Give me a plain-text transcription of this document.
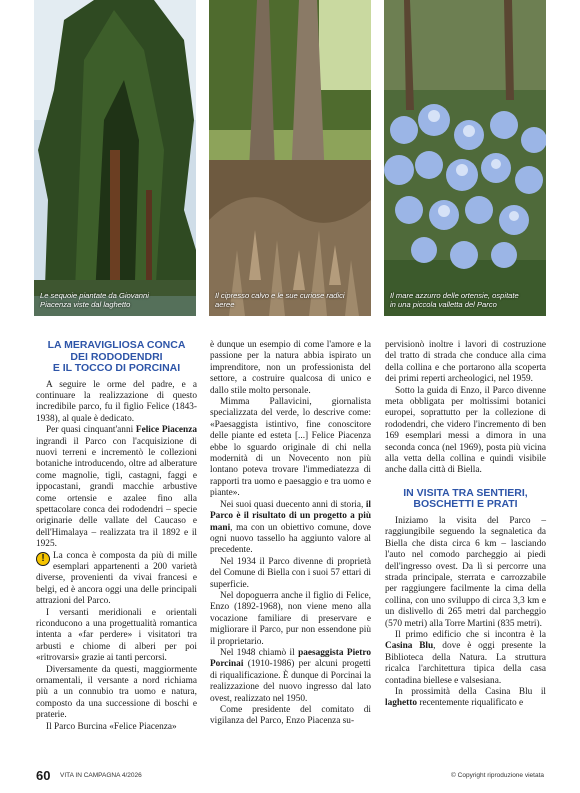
Le sequoie piantate da Giovanni Piacenza viste dal laghetto
Il cipresso calvo e le sue curiose radici aeree
Il mare azzurro delle ortensie, ospitate in una piccola valletta del Parco
LA MERAVIGLIOSA CONCA
DEI RODODENDRI
E IL TOCCO DI PORCINAI

A seguire le orme del padre, e a continuare la realizzazione di questo incredibile parco, fu il figlio Felice (1843-1938), al quale è dedicato.

Per quasi cinquant'anni Felice Piacenza ingrandì il Parco con l'acquisizione di nuovi terreni e incrementò le collezioni botaniche introducendo, oltre ad alberature come magnolie, tigli, castagni, faggi e ippocastani, grandi macchie arbustive come ortensie e azalee fino alla spettacolare conca dei rododendri – specie originarie delle vallate del Caucaso e dell'Himalaya – realizzata tra il 1892 e il 1925.

! La conca è composta da più di mille esemplari appartenenti a 200 varietà diverse, provenienti da vivai francesi e belgi, ed è ancora oggi una delle principali attrazioni del Parco.

I versanti meridionali e orientali riconducono a una progettualità romantica intenta a «far perdere» i visitatori tra arbusti e chiome di alberi per poi «ritrovarsi» grazie ai tanti percorsi.

Diversamente da questi, maggiormente ornamentali, il versante a nord richiama più a un connubio tra uomo e natura, composto da una successione di boschi e praterie.

Il Parco Burcina «Felice Piacenza»

è dunque un esempio di come l'amore e la passione per la natura abbia ispirato un imprenditore, non un professionista del settore, a costruire qualcosa di unico e dallo stile molto personale.

Mimma Pallavicini, giornalista specializzata del verde, lo descrive come: «Paesaggista istintivo, fine conoscitore delle piante ed esteta [...] Felice Piacenza ebbe lo sguardo originale di chi nella modernità di un Novecento non più lontano poteva trovare l'immediatezza di rapporti tra uomo e paesaggio e tra uomo e piante».

Nei suoi quasi duecento anni di storia, il Parco è il risultato di un progetto a più mani, ma con un obiettivo comune, dove ogni nuovo tassello ha aggiunto valore al precedente.

Nel 1934 il Parco divenne di proprietà del Comune di Biella con i suoi 57 ettari di superficie.

Nel dopoguerra anche il figlio di Felice, Enzo (1892-1968), non viene meno alla vocazione familiare di preservare e migliorare il Parco, pur non essendone più il proprietario.

Nel 1948 chiamò il paesaggista Pietro Porcinai (1910-1986) per alcuni progetti di riqualificazione. È dunque di Porcinai la realizzazione del nuovo ingresso dal lato ovest, realizzato nel 1950.

Come presidente del comitato di vigilanza del Parco, Enzo Piacenza su-

pervisionò inoltre i lavori di costruzione del tratto di strada che conduce alla cima della collina e che portarono alla scoperta dei primi reperti archeologici, nel 1959.

Sotto la guida di Enzo, il Parco divenne meta obbligata per moltissimi botanici europei, soprattutto per la collezione di rododendri, che videro l'incremento di ben 169 esemplari messi a dimora in una seconda conca (nel 1969), posta più vicina alla vetta della collina e quindi visibile anche dalla città di Biella.

IN VISITA TRA SENTIERI,
BOSCHETTI E PRATI

Iniziamo la visita del Parco – raggiungibile seguendo la segnaletica da Biella che dista circa 6 km – lasciando l'auto nel comodo parcheggio ai piedi dell'ingresso ovest. Da lì si percorre una strada principale, sterrata e carrozzabile per raggiungere facilmente la cima della collina, con uno sviluppo di circa 3,3 km e un dislivello di 265 metri dal parcheggio (570 metri) alla Torre Martini (835 metri).

Il primo edificio che si incontra è la Casina Blu, dove è oggi presente la Biblioteca della Natura. La struttura ricalca l'architettura tipica della casa contadina biellese e valsesiana.

In prossimità della Casina Blu il laghetto recentemente riqualificato e

60 VITA IN CAMPAGNA 4/2026	© Copyright riproduzione vietata
